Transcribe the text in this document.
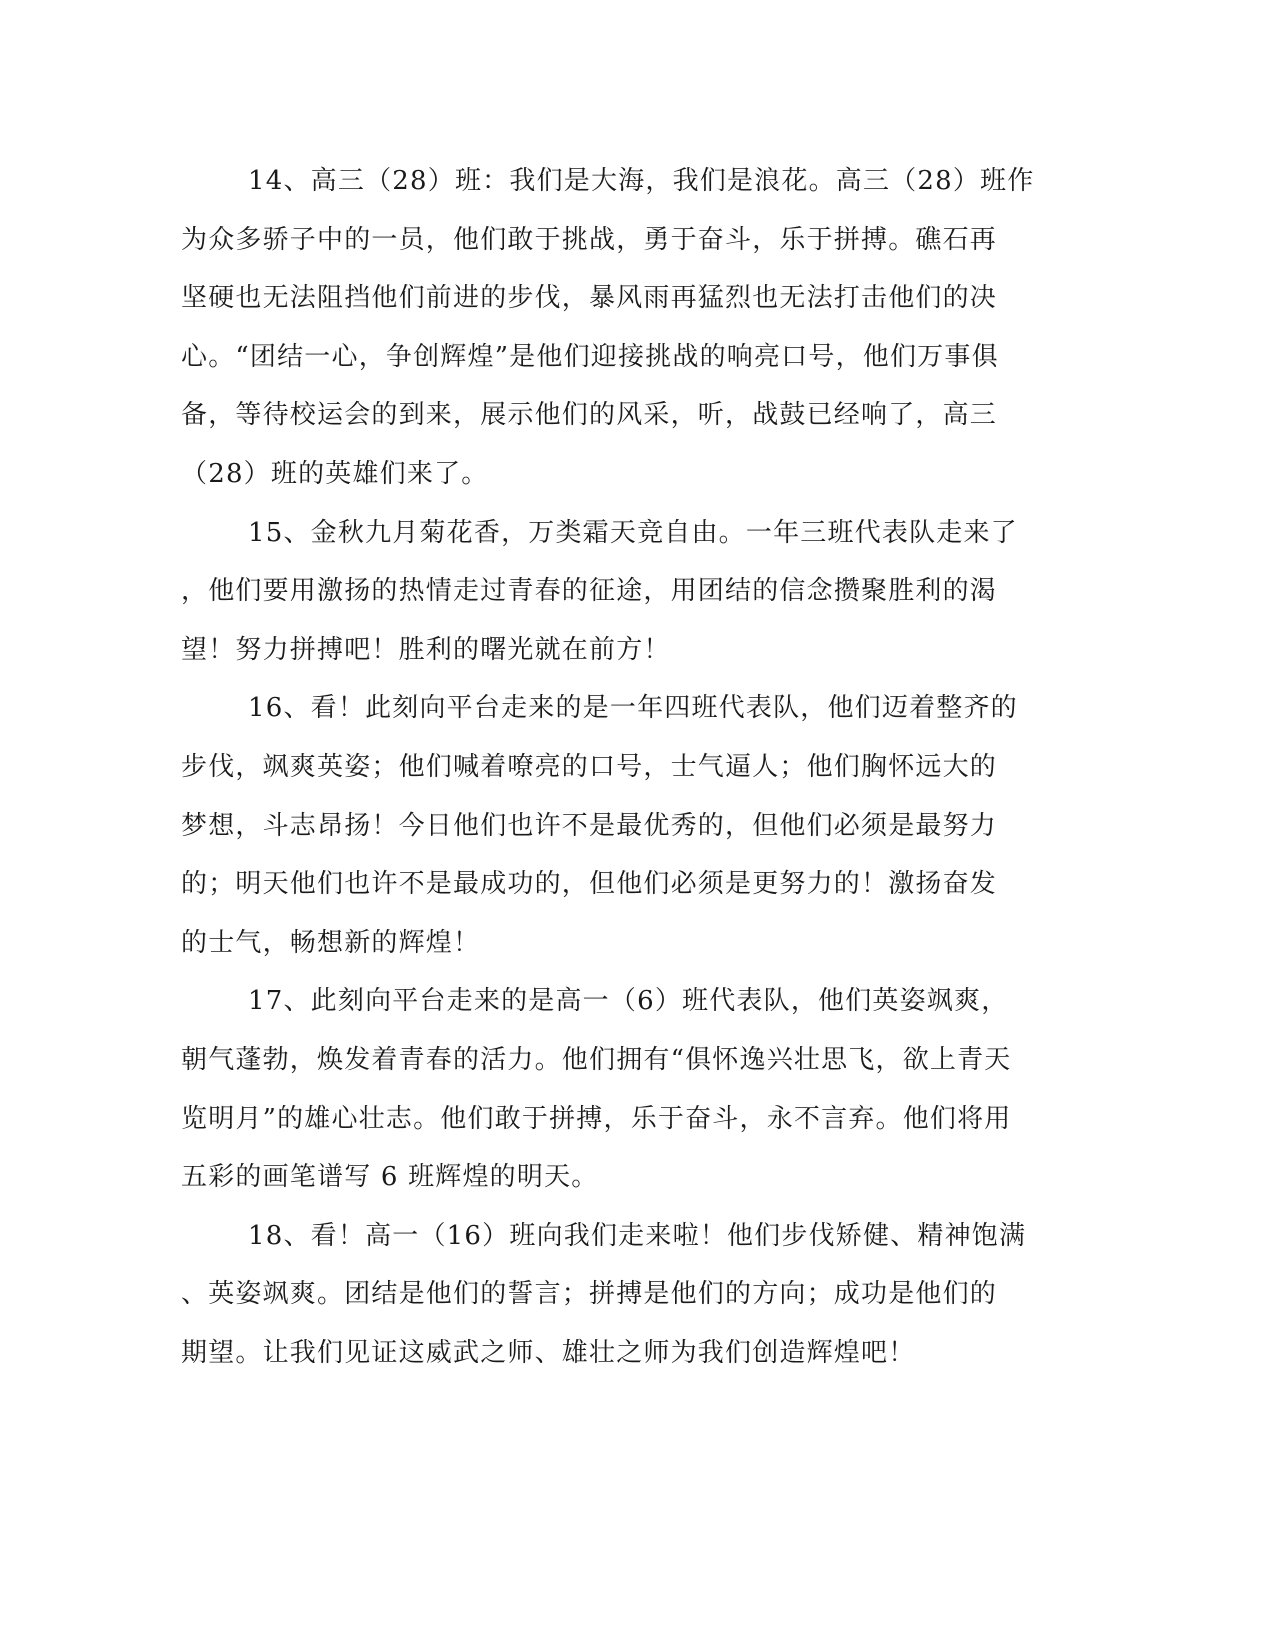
14、高三（28）班：我们是大海，我们是浪花。高三（28）班作
为众多骄子中的一员，他们敢于挑战，勇于奋斗，乐于拼搏。礁石再
坚硬也无法阻挡他们前进的步伐，暴风雨再猛烈也无法打击他们的决
心。“团结一心，争创辉煌”是他们迎接挑战的响亮口号，他们万事俱
备，等待校运会的到来，展示他们的风采，听，战鼓已经响了，高三
（28）班的英雄们来了。
15、金秋九月菊花香，万类霜天竞自由。一年三班代表队走来了
，他们要用激扬的热情走过青春的征途，用团结的信念攒聚胜利的渴
望！努力拼搏吧！胜利的曙光就在前方！
16、看！此刻向平台走来的是一年四班代表队，他们迈着整齐的
步伐，飒爽英姿；他们喊着嘹亮的口号，士气逼人；他们胸怀远大的
梦想，斗志昂扬！今日他们也许不是最优秀的，但他们必须是最努力
的；明天他们也许不是最成功的，但他们必须是更努力的！激扬奋发
的士气，畅想新的辉煌！
17、此刻向平台走来的是高一（6）班代表队，他们英姿飒爽，
朝气蓬勃，焕发着青春的活力。他们拥有“俱怀逸兴壮思飞，欲上青天
览明月”的雄心壮志。他们敢于拼搏，乐于奋斗，永不言弃。他们将用
五彩的画笔谱写 6 班辉煌的明天。
18、看！高一（16）班向我们走来啦！他们步伐矫健、精神饱满
、英姿飒爽。团结是他们的誓言；拼搏是他们的方向；成功是他们的
期望。让我们见证这威武之师、雄壮之师为我们创造辉煌吧！
